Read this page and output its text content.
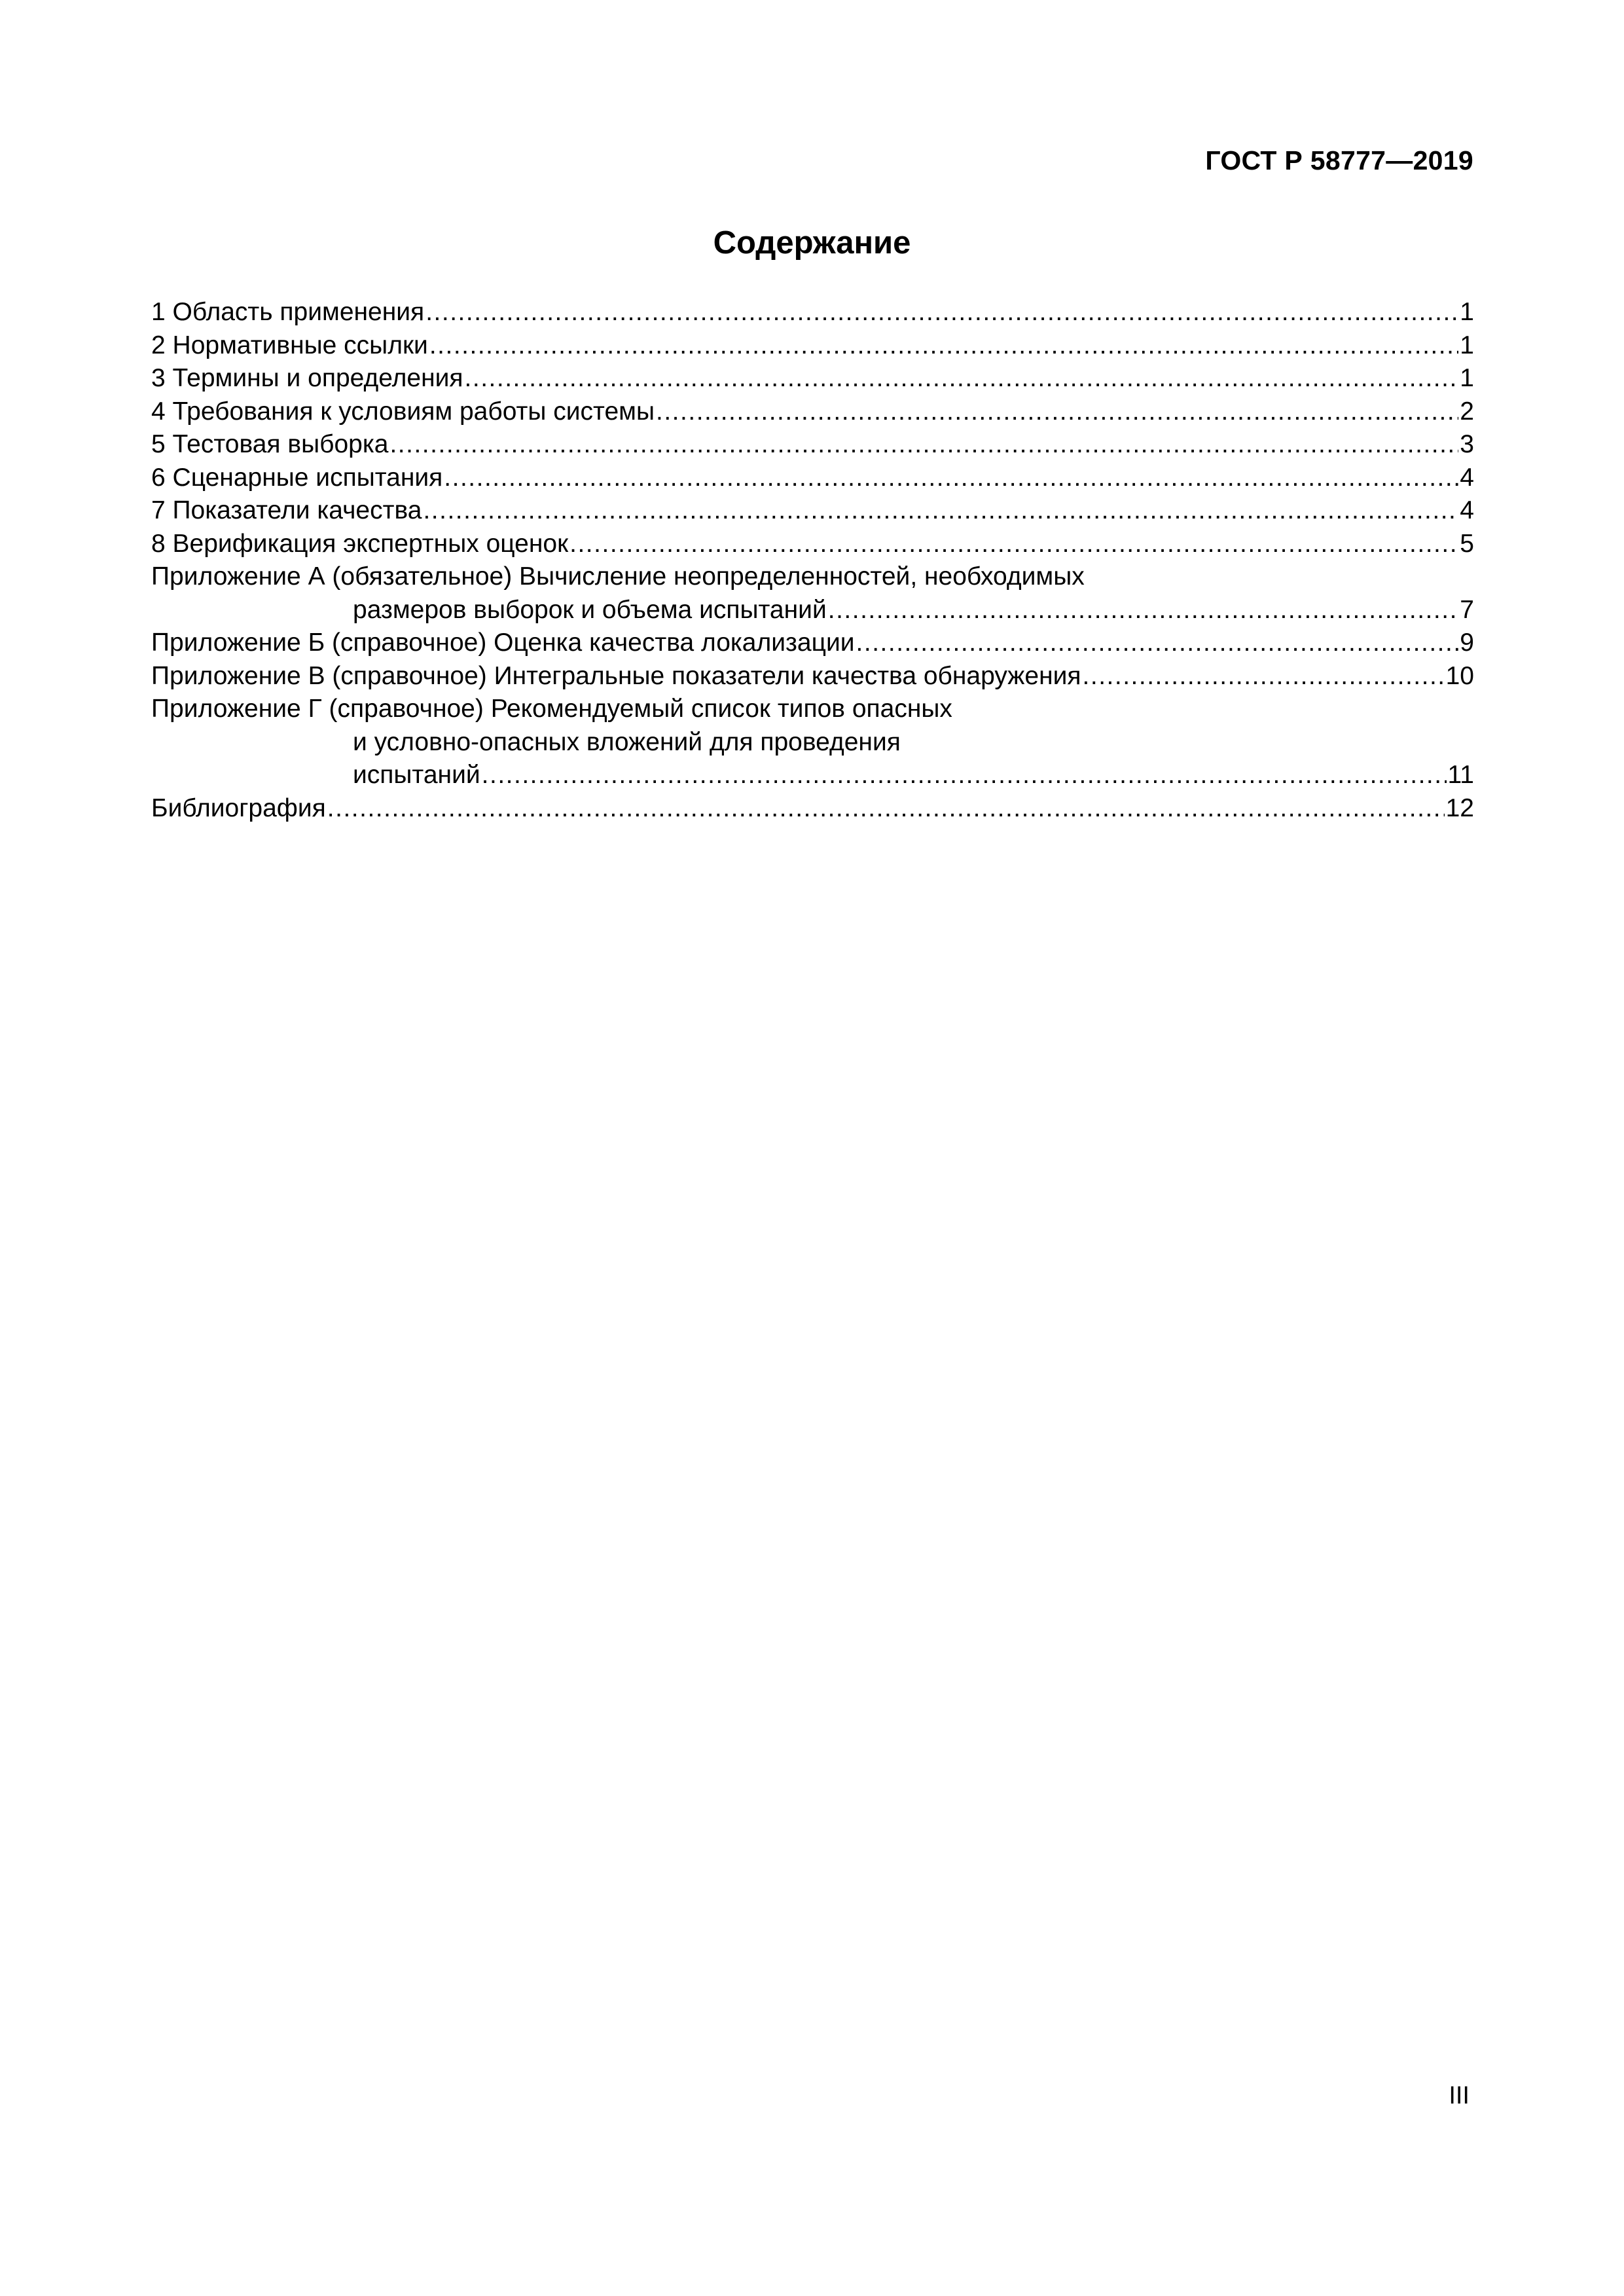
ГОСТ Р 58777—2019
Содержание
1 Область применения .....	1
2 Нормативные ссылки .....	1
3 Термины и определения .....	1
4 Требования к условиям работы системы .....	2
5 Тестовая выборка .....	3
6 Сценарные испытания .....	4
7 Показатели качества .....	4
8 Верификация экспертных оценок .....	5
Приложение А (обязательное) Вычисление неопределенностей, необходимых
размеров выборок и объема испытаний .....	7
Приложение Б (справочное) Оценка качества локализации .....	9
Приложение В (справочное) Интегральные показатели качества обнаружения .....	10
Приложение Г (справочное) Рекомендуемый список типов опасных
и условно-опасных вложений для проведения
испытаний .....	11
Библиография .....	12
III
